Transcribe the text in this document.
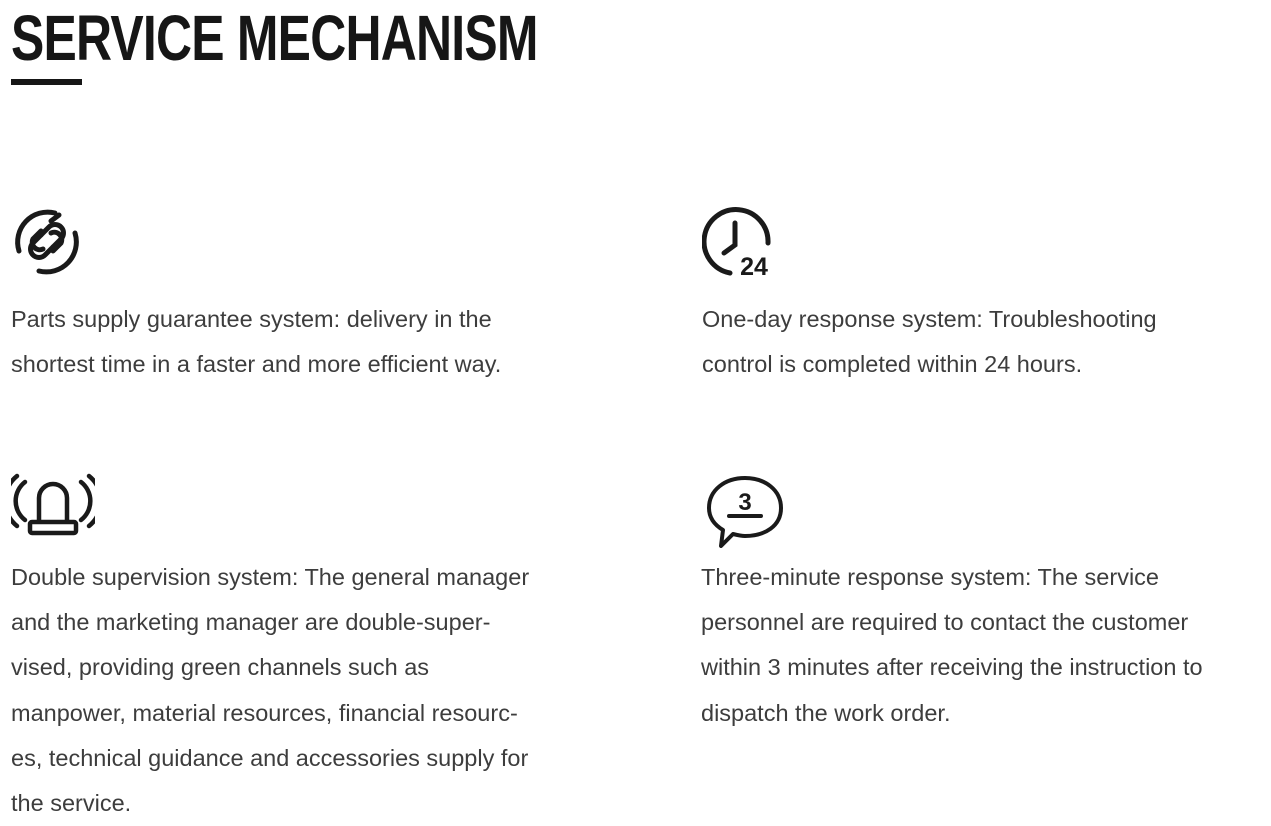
SERVICE MECHANISM

Parts supply guarantee system: delivery in the
shortest time in a faster and more efficient way.

24

One-day response system: Troubleshooting
control is completed within 24 hours.

Double supervision system: The general manager
and the marketing manager are double-super-
vised, providing green channels such as
manpower, material resources, financial resourc-
es, technical guidance and accessories supply for
the service.

3

Three-minute response system: The service
personnel are required to contact the customer
within 3 minutes after receiving the instruction to
dispatch the work order.
